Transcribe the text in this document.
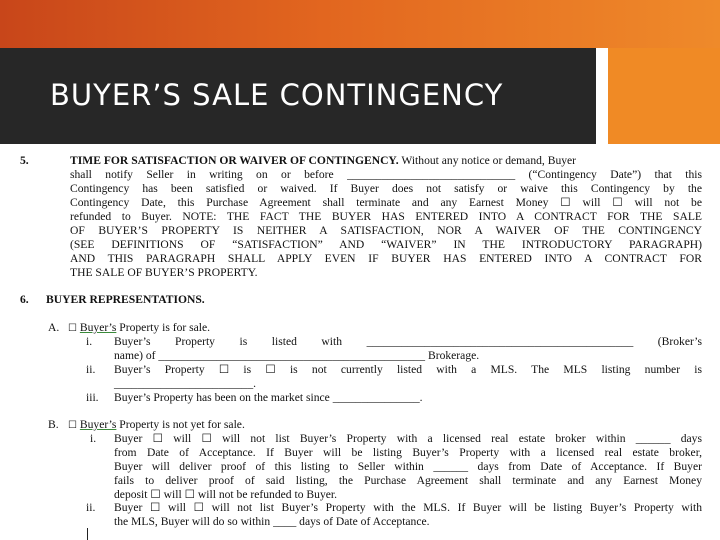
BUYER’S SALE CONTINGENCY
5.	TIME FOR SATISFACTION OR WAIVER OF CONTINGENCY. Without any notice or demand, Buyer
shall notify Seller in writing on or before _____________________________ (“Contingency Date”) that this
Contingency has been satisfied or waived. If Buyer does not satisfy or waive this Contingency by the
Contingency Date, this Purchase Agreement shall terminate and any Earnest Money ☐ will ☐ will not be
refunded to Buyer. NOTE: THE FACT THE BUYER HAS ENTERED INTO A CONTRACT FOR THE SALE
OF BUYER’S PROPERTY IS NEITHER A SATISFACTION, NOR A WAIVER OF THE CONTINGENCY
(SEE DEFINITIONS OF “SATISFACTION” AND “WAIVER” IN THE INTRODUCTORY PARAGRAPH)
AND THIS PARAGRAPH SHALL APPLY EVEN IF BUYER HAS ENTERED INTO A CONTRACT FOR
THE SALE OF BUYER’S PROPERTY.
6. BUYER REPRESENTATIONS.
A. ☐ Buyer’s Property is for sale.
i. Buyer’s Property is listed with ______________________________________________ (Broker’s
name) of ______________________________________________ Brokerage.
ii. Buyer’s Property ☐ is ☐ is not currently listed with a MLS. The MLS listing number is
________________________.
iii. Buyer’s Property has been on the market since _______________.
B. ☐ Buyer’s Property is not yet for sale.
i. Buyer ☐ will ☐ will not list Buyer’s Property with a licensed real estate broker within ______ days
from Date of Acceptance. If Buyer will be listing Buyer’s Property with a licensed real estate broker,
Buyer will deliver proof of this listing to Seller within ______ days from Date of Acceptance. If Buyer
fails to deliver proof of said listing, the Purchase Agreement shall terminate and any Earnest Money
deposit ☐ will ☐ will not be refunded to Buyer.
ii. Buyer ☐ will ☐ will not list Buyer’s Property with the MLS. If Buyer will be listing Buyer’s Property with
the MLS, Buyer will do so within ____ days of Date of Acceptance.
